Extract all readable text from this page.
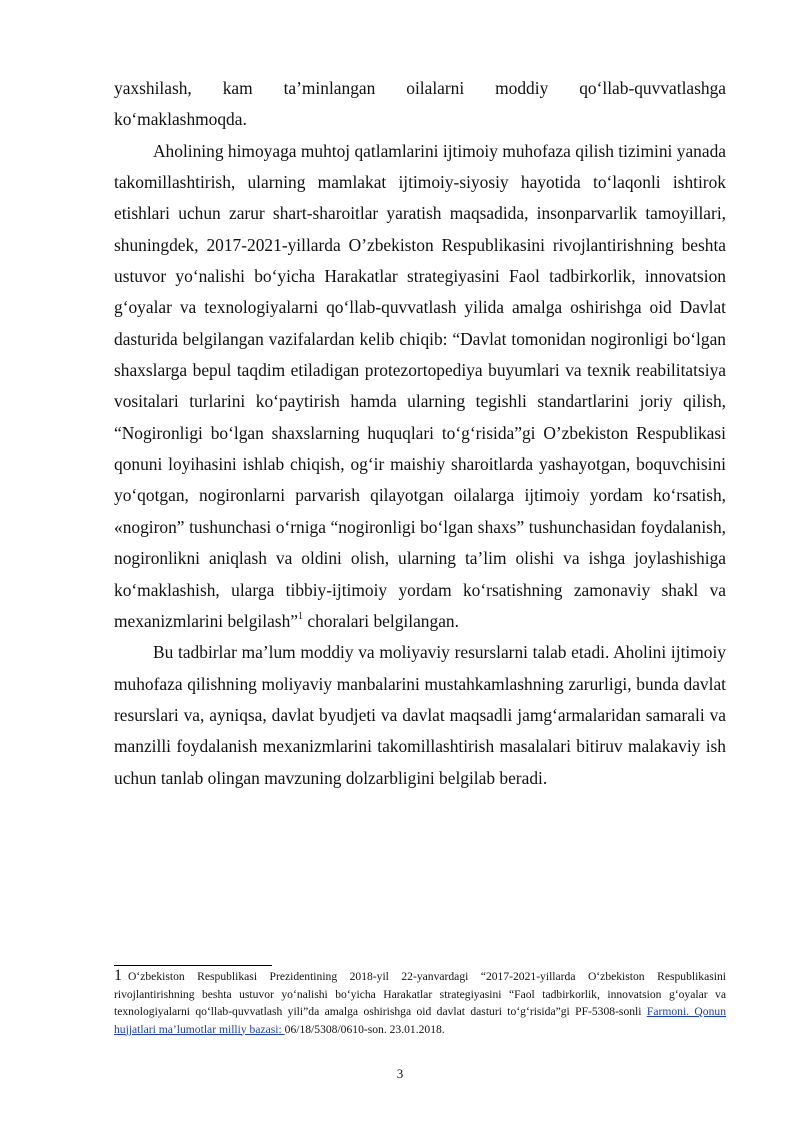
yaxshilash, kam ta’minlangan oilalarni moddiy qo‘llab-quvvatlashga ko‘maklashmoqda.

Aholining himoyaga muhtoj qatlamlarini ijtimoiy muhofaza qilish tizimini yanada takomillashtirish, ularning mamlakat ijtimoiy-siyosiy hayotida to‘laqonli ishtirok etishlari uchun zarur shart-sharoitlar yaratish maqsadida, insonparvarlik tamoyillari, shuningdek, 2017-2021-yillarda O’zbekiston Respublikasini rivojlantirishning beshta ustuvor yo‘nalishi bo‘yicha Harakatlar strategiyasini Faol tadbirkorlik, innovatsion g‘oyalar va texnologiyalarni qo‘llab-quvvatlash yilida amalga oshirishga oid Davlat dasturida belgilangan vazifalardan kelib chiqib: “Davlat tomonidan nogironligi bo‘lgan shaxslarga bepul taqdim etiladigan protezortopediya buyumlari va texnik reabilitatsiya vositalari turlarini ko‘paytirish hamda ularning tegishli standartlarini joriy qilish, “Nogironligi bo‘lgan shaxslarning huquqlari to‘g‘risida”gi O’zbekiston Respublikasi qonuni loyihasini ishlab chiqish, og‘ir maishiy sharoitlarda yashayotgan, boquvchisini yo‘qotgan, nogironlarni parvarish qilayotgan oilalarga ijtimoiy yordam ko‘rsatish, «nogiron” tushunchasi o‘rniga “nogironligi bo‘lgan shaxs” tushunchasidan foydalanish, nogironlikni aniqlash va oldini olish, ularning ta’lim olishi va ishga joylashishiga ko‘maklashish, ularga tibbiy-ijtimoiy yordam ko‘rsatishning zamonaviy shakl va mexanizmlarini belgilash”$^1$ choralari belgilangan.

Bu tadbirlar ma’lum moddiy va moliyaviy resurslarni talab etadi. Aholini ijtimoiy muhofaza qilishning moliyaviy manbalarini mustahkamlashning zarurligi, bunda davlat resurslari va, ayniqsa, davlat byudjeti va davlat maqsadli jamg‘armalaridan samarali va manzilli foydalanish mexanizmlarini takomillashtirish masalalari bitiruv malakaviy ish uchun tanlab olingan mavzuning dolzarbligini belgilab beradi.

1 O‘zbekiston Respublikasi Prezidentining 2018-yil 22-yanvardagi “2017-2021-yillarda O‘zbekiston Respublikasini rivojlantirishning beshta ustuvor yo‘nalishi bo‘yicha Harakatlar strategiyasini “Faol tadbirkorlik, innovatsion g‘oyalar va texnologiyalarni qo‘llab-quvvatlash yili”da amalga oshirishga oid davlat dasturi to‘g‘risida”gi PF-5308-sonli Farmoni. Qonun hujjatlari ma’lumotlar milliy bazasi: 06/18/5308/0610-son. 23.01.2018.
3
